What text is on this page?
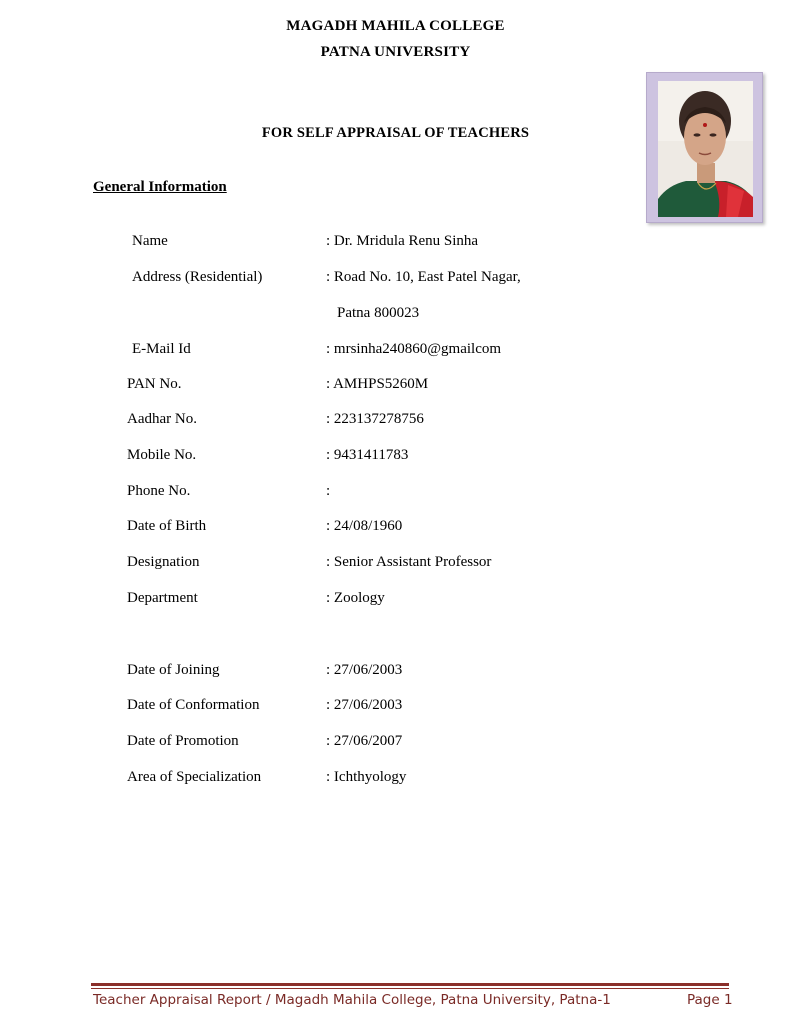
MAGADH MAHILA COLLEGE
PATNA UNIVERSITY
FOR SELF APPRAISAL OF TEACHERS
General Information
Name
Address (Residential)
E-Mail Id
PAN No.
Aadhar No.
Mobile No.
Phone No.
Date of Birth
Designation
Department
Date of Joining
Date of Conformation
Date of Promotion
Area of Specialization
: Dr. Mridula Renu Sinha
: Road No. 10, East Patel Nagar,
Patna 800023
: mrsinha240860@gmailcom
: AMHPS5260M
: 223137278756
: 9431411783
:
: 24/08/1960
: Senior Assistant Professor
: Zoology
: 27/06/2003
: 27/06/2003
: 27/06/2007
: Ichthyology
Teacher Appraisal Report / Magadh Mahila College, Patna University, Patna-1	Page 1
